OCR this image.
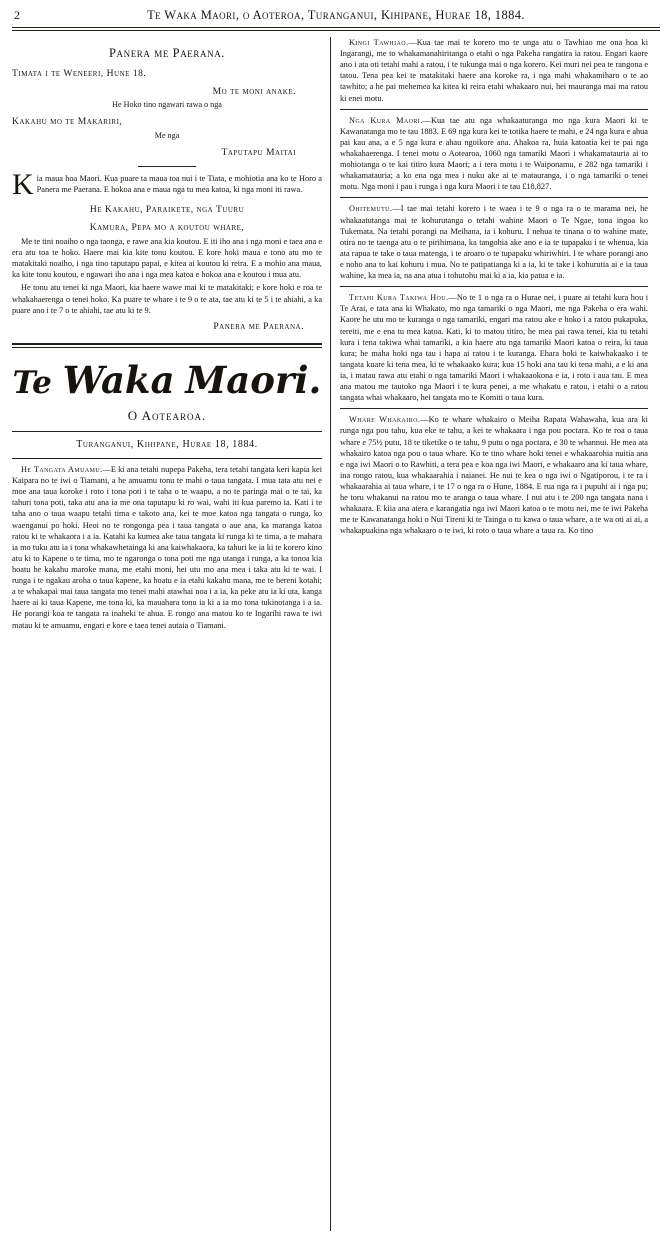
2	Te Waka Maori, o Aoteroa, Turanganui, Kihipane, Hurae 18, 1884.
Panera me Paerana.
Timata i te Weneeri, Hune 18.
Mo te moni anake.
He Hoko tino ngawari rawa o nga
Kakahu mo te Makariri,
Me nga
Taputapu Maitai

Kia maua hoa Maori. Kua puare ta maua toa nui i te Tiata, e mohiotia ana ko te Horo a Panera me Paerana. E hokoa ana e maua nga tu mea katoa, ki nga moni iti rawa.

He Kakahu, Paraikete, nga Tuuru
Kamura, Pepa mo a koutou whare,

Me te tini noaiho o nga taonga, e rawe ana kia koutou. E iti iho ana i nga moni e taea ana e era atu toa te hoko. Haere mai kia kite tonu koutou. E kore hoki maua e tono atu mo te matakitaki noaiho, i nga tino taputapu papai, e kitea ai koutou ki reira. E a mohio ana maua, ka kite tonu koutou, e ngawari iho ana i nga mea katoa e hokoa ana e koutou i mua atu.

He tonu atu tenei ki nga Maori, kia haere wawe mai ki te matakitaki; e kore hoki e roa te whakahaerenga o tenei hoko. Ka puare te whare i te 9 o te ata, tae atu ki te 5 i te ahiahi, a ka puare ano i te 7 o te ahiahi, tae atu ki te 9.

Panera me Paerana.
Te Waka Maori.
O Aotearoa.
Turanganui, Kihipane, Hurae 18, 1884.

He Tangata Amuamu.—E ki ana tetahi nupepa Pakeha, tera tetahi tangata keri kapia kei Kaipara no te iwi o Tiamani, a he amuamu tonu te mahi o taua tangata. I mua tata atu nei e moe ana taua koroke i roto i tona poti i te taha o te waapu, a no te paringa mai o te tai, ka tahuri tona poti, taka atu ana ia me ona taputapu ki ro wai, wahi iti kua paremo ia. Kati i te taha ano o taua waapu tetahi tima e takoto ana, kei te moe katoa nga tangata o runga, ko waenganui po hoki. Heoi no te rongonga pea i taua tangata o aue ana, ka maranga katoa ratou ki te whakaora i a ia. Katahi ka kumea ake taua tangata ki runga ki te tima, a te mahara ia mo tuku atu ia i tona whakawhetainga ki ana kaiwhakaora, ka tahuri ke ia ki te korero kino atu ki to Kapene o te tima, mo te ngaronga o tona poti me nga utanga i runga, a ka tonoa kia hoatu he kakahu maroke mana, me etahi moni, hei utu mo ana mea i taka atu ki te wai. I runga i te ngakau aroha o taua kapene, ka hoatu e ia etahi kakahu mana, me te hereni kotahi; a te whakapai mai taua tangata mo tenei mahi atawhai noa i a ia, ka peke atu ia ki uta, kanga haere ai ki taua Kapene, me tona ki, ka mauahara tonu ia ki a ia mo tona tukinotanga i a ia. He porangi koa te tangata ra inaheki te ahua. E rongo ana matou ko te Ingarihi rawa te iwi matau ki te amuamu, engari e kore e taea tenei autaia o Tiamani.

Kingi Tawhiao.—Kua tae mai te korero mo te unga atu o Tawhiao me ona hoa ki Ingarangi, me to whakamanahiritanga o etahi o nga Pakeha rangatira ia ratou. Engari kaore ano i ata oti tetahi mahi a ratou, i te tukunga mai o nga korero. Kei muri nei pea te rangona e tatou. Tena pea kei te matakitaki haere ana koroke ra, i nga mahi whakamiharo o te ao tawhito; a he pai mehemea ka kitea ki reira etahi whakaaro nui, hei mauranga mai ma ratou ki enei motu.

Nga Kura Maori.—Kua tae atu nga whakaaturanga mo nga kura Maori ki te Kawanatanga mo te tau 1883. E 69 nga kura kei te totika haere te mahi, e 24 nga kura e ahua pai kau ana, a e 5 nga kura e ahau ngoikore ana. Ahakoa ra, huia katoatia kei te pai nga whakahaerenga. I tenei motu o Aotearoa, 1060 nga tamariki Maori i whakamatauria ai to mohiotanga o te kai titiro kura Maori; a i tera motu i te Waiponamu, e 282 nga tamariki i whakamatauria; a ko ena nga mea i nuku ake ai te mataurangа, i o nga tamariki o tenei motu. Nga moni i pau i runga i nga kura Maori i te tau £18,827.

Ohitemutu.—I tae mai tetahi korero i te waea i te 9 o nga ra o te marama nei, he whakaatutanga mai te kohurutanga o tetahi wahine Maori o Te Ngae, tona ingoa ko Tukemata. Na tetahi porangi na Meihana, ia i kohuru. I nehua te tinana o to wahine mate, otira no te taenga atu o te pirihimana, ka tangohia ake ano e ia te tupapaku i te whenua, kia ata rapua te take o taua matenga, i te aroaro o te tupapaku whiriwhiri. I te whare porangi ano e noho ana to kai kohuru i mua. No te patipatianga ki a ia, ki te take i kohurutia ai e ia taua wahine, ka mea ia, na ana atua i tohutohu mai ki a ia, kia patua e ia.

Tetahi Kura Takiwa Hou.—No te 1 o nga ra o Hurae nei, i puare ai tetahi kura hou i Te Arai, e tata ana ki Whakato, mo nga tamariki o nga Maori, me nga Pakeha o era wahi. Kaore he utu mo te kuranga o nga tamariki, engari ma ratou ake e hoko i a ratou pukapuka, tereiti, me e ena tu mea katoa. Kati, ki to matou titiro, he mea pai rawa tenei, kia tu tetahi kura i tena takiwa whai tamariki, a kia haere atu nga tamariki Maori katoa o reira, ki taua kura; he maha hoki nga tau i hapa ai ratou i te kuranga. Ehara hoki te kaiwhakaako i te tangata kuare ki tena mea, ki te whakaako kura; kua 15 hoki ana tau ki tena mahi, a e ki ana ia, i matau rawa atu etahi o nga tamariki Maori i whakaaokona e ia, i roto i aua tau. E mea ana matou me tautoko nga Maori i te kura penei, a me whakatu e ratou, i etahi o a ratou tangata whai whakaaro, hei tangata mo te Komiti o taua kura.

Whare Whakairo.—Ko te whare whakairo o Meiha Rapata Wahawaha, kua ara ki runga nga pou tahu, kua eke te tahu, a kei te whakaara i nga pou poctara. Ko te roa o taua whare e 75½ putu, 18 te tiketike o te tahu, 9 putu o nga poctara, e 30 te whannui. He mea ata whakairo katoa nga pou o taua whare. Ko te tino whare hoki tenei e whakaarohia nuitia ana e nga iwi Maori o to Rawhiti, a tera pea e koa nga iwi Maori, e whakaaro ana ki taua whare, ina rongo ratou, kua whakaarahia i naianei. He nui te kea o nga iwi o Ngatiporou, i te ra i whakaarahia ai taua whare, i te 17 o nga ra o Hune, 1884. E rua nga ra i pupuhi ai i nga pu; he toru whakanui na ratou mo te aranga o taua whare. I nui atu i te 200 nga tangata nana i whakaara. E kiia ana atera e karangatia nga iwi Maori katoa o te motu nei, me te iwi Pakeha me te Kawanatanga hoki o Nui Tireni ki te Tainga o tu kawa o taua whare, a te wa oti ai ai, a whakapuakina nga whakaaro o te iwi, ki roto o taua whare a taua ra. Ko tino
